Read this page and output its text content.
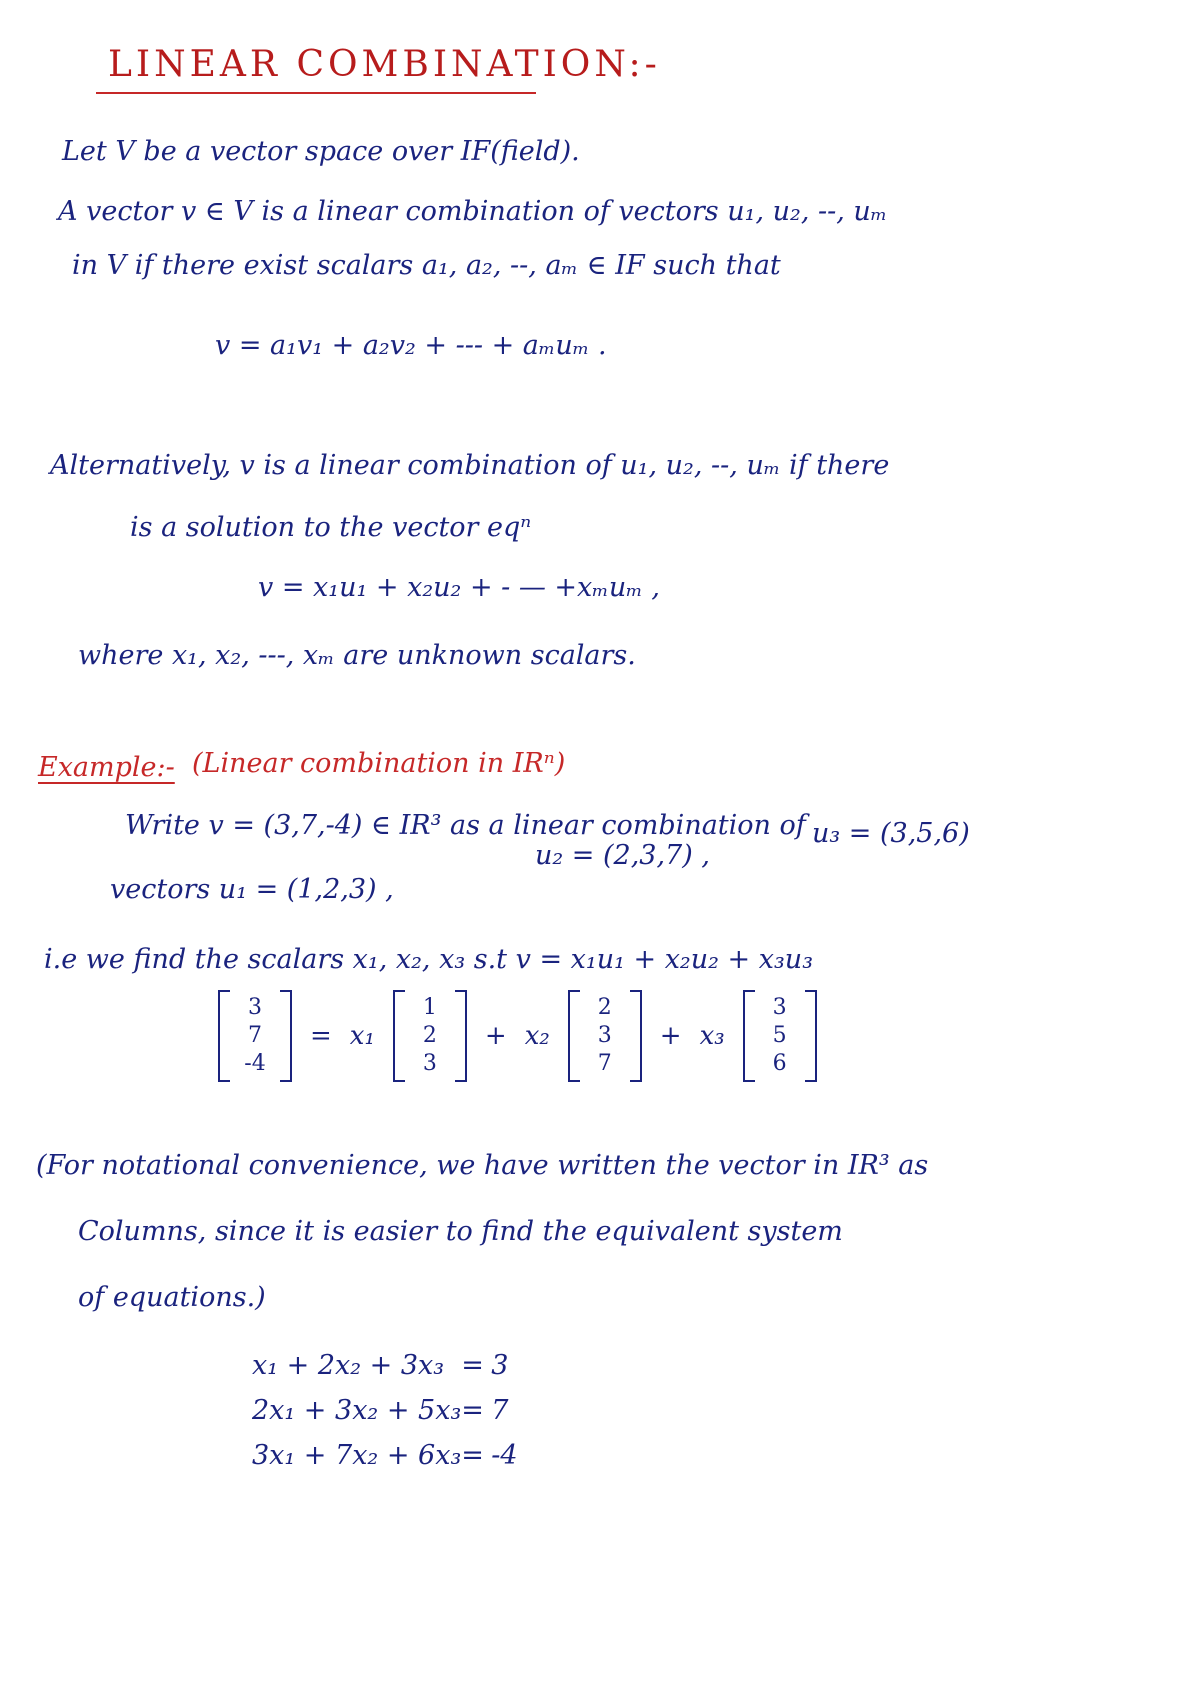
LINEAR COMBINATION:-
Let V be a vector space over IF(field).
A vector v ∈ V is a linear combination of vectors u₁, u₂, --, uₘ
in V if there exist scalars a₁, a₂, --, aₘ ∈ IF such that
v = a₁v₁ + a₂v₂ + --- + aₘuₘ .
Alternatively, v is a linear combination of u₁, u₂, --, uₘ if there
is a solution to the vector eqⁿ
v = x₁u₁ + x₂u₂ + - — +xₘuₘ ,
where x₁, x₂, ---, xₘ are unknown scalars.
Example:- (Linear combination in IRⁿ)
Write v = (3,7,-4) ∈ IR³ as a linear combination of
vectors u₁ = (1,2,3) ,
u₂ = (2,3,7) ,
u₃ = (3,5,6)
i.e we find the scalars x₁, x₂, x₃ s.t v = x₁u₁ + x₂u₂ + x₃u₃
3
7
-4
= x₁
1
2
3
+ x₂
2
3
7
+ x₃
3
5
6
(For notational convenience, we have written the vector in IR³ as
Columns, since it is easier to find the equivalent system
of equations.)
x₁ + 2x₂ + 3x₃ = 3
2x₁ + 3x₂ + 5x₃ = 7
3x₁ + 7x₂ + 6x₃ = -4
